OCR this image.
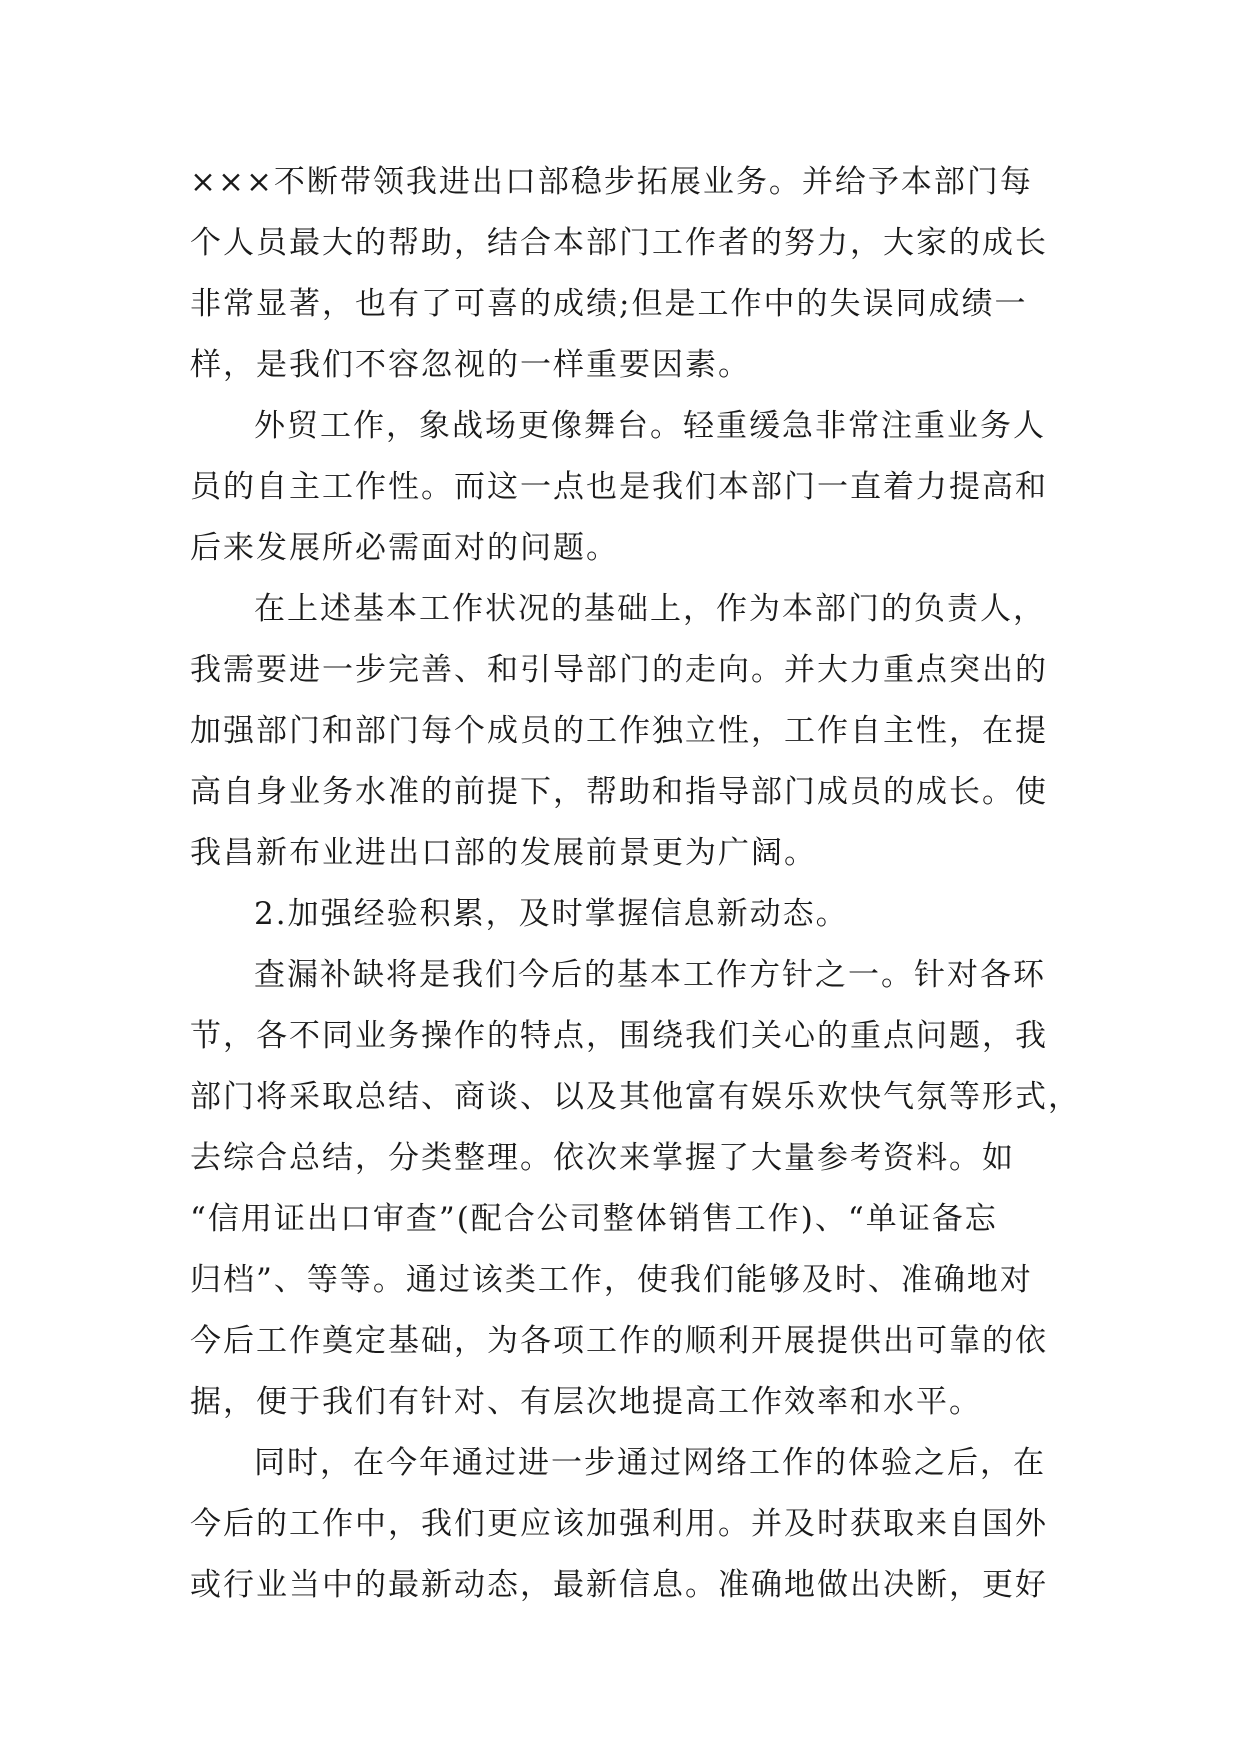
×××不断带领我进出口部稳步拓展业务。并给予本部门每
个人员最大的帮助，结合本部门工作者的努力，大家的成长
非常显著，也有了可喜的成绩;但是工作中的失误同成绩一
样，是我们不容忽视的一样重要因素。
外贸工作，象战场更像舞台。轻重缓急非常注重业务人
员的自主工作性。而这一点也是我们本部门一直着力提高和
后来发展所必需面对的问题。
在上述基本工作状况的基础上，作为本部门的负责人，
我需要进一步完善、和引导部门的走向。并大力重点突出的
加强部门和部门每个成员的工作独立性，工作自主性，在提
高自身业务水准的前提下，帮助和指导部门成员的成长。使
我昌新布业进出口部的发展前景更为广阔。
2.加强经验积累，及时掌握信息新动态。
查漏补缺将是我们今后的基本工作方针之一。针对各环
节，各不同业务操作的特点，围绕我们关心的重点问题，我
部门将采取总结、商谈、以及其他富有娱乐欢快气氛等形式，
去综合总结，分类整理。依次来掌握了大量参考资料。如
“信用证出口审查”(配合公司整体销售工作)、“单证备忘
归档”、等等。通过该类工作，使我们能够及时、准确地对
今后工作奠定基础，为各项工作的顺利开展提供出可靠的依
据，便于我们有针对、有层次地提高工作效率和水平。
同时，在今年通过进一步通过网络工作的体验之后，在
今后的工作中，我们更应该加强利用。并及时获取来自国外
或行业当中的最新动态，最新信息。准确地做出决断，更好
